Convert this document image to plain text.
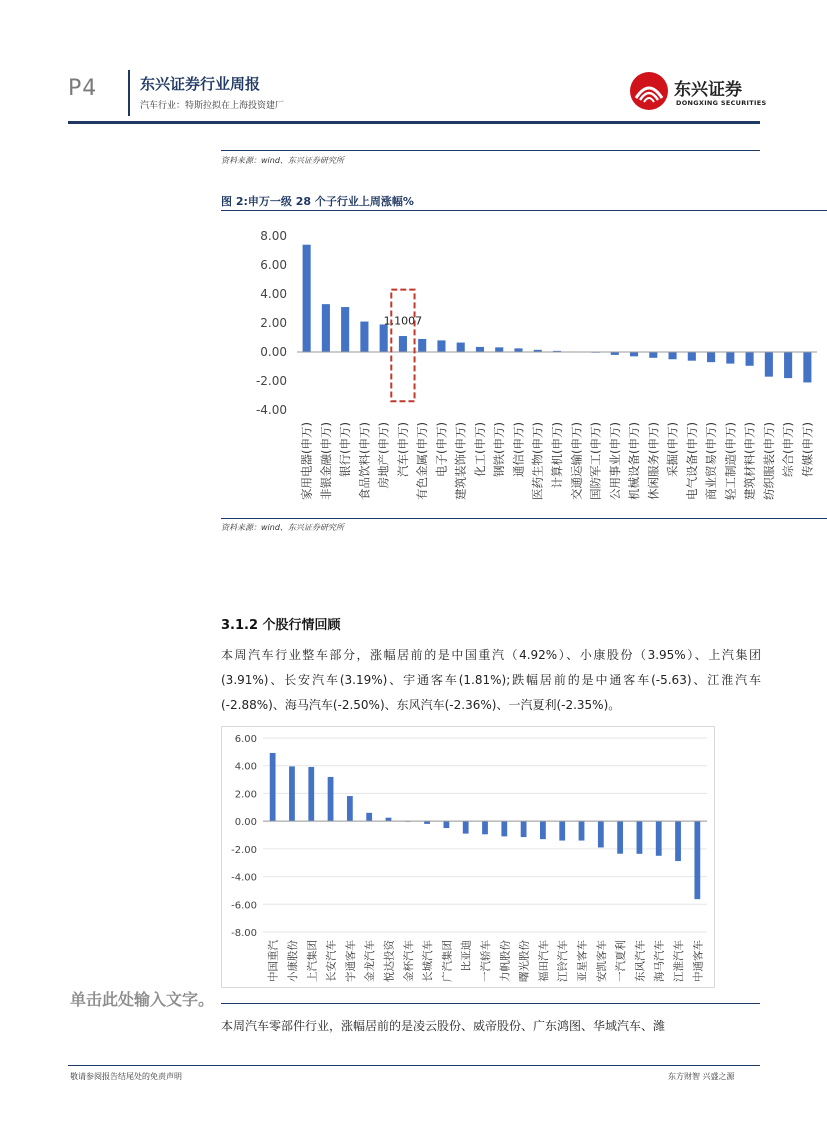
P4	东兴证券行业周报
汽车行业：特斯拉拟在上海投资建厂
东兴证券
DONGXING SECURITIES
资料来源：wind、东兴证券研究所
图 2:申万一级 28 个子行业上周涨幅%
8.00
6.00
4.00
2.00
0.00
-2.00
-4.00
家用电器(申万) 非银金融(申万) 银行(申万) 食品饮料(申万) 房地产(申万) 汽车(申万) 有色金属(申万) 电子(申万) 建筑装饰(申万) 化工(申万) 钢铁(申万) 通信(申万) 医药生物(申万) 计算机(申万) 交通运输(申万) 国防军工(申万) 公用事业(申万) 机械设备(申万) 休闲服务(申万) 采掘(申万) 电气设备(申万) 商业贸易(申万) 轻工制造(申万) 建筑材料(申万) 纺织服装(申万) 综合(申万) 传媒(申万)
1.1007
资料来源：wind、东兴证券研究所
3.1.2 个股行情回顾
本周汽车行业整车部分，涨幅居前的是中国重汽（4.92%）、小康股份（3.95%）、上汽集团(3.91%)、长安汽车(3.19%)、宇通客车(1.81%);跌幅居前的是中通客车(-5.63)、江淮汽车(-2.88%)、海马汽车(-2.50%)、东风汽车(-2.36%)、一汽夏利(-2.35%)。
6.00
4.00
2.00
0.00
-2.00
-4.00
-6.00
-8.00
中国重汽 小康股份 上汽集团 长安汽车 宇通客车 金龙汽车 悦达投资 金杯汽车 长城汽车 广汽集团 比亚迪 一汽轿车 力帆股份 曙光股份 福田汽车 江铃汽车 亚星客车 安凯客车 一汽夏利 东风汽车 海马汽车 江淮汽车 中通客车
单击此处输入文字。
本周汽车零部件行业，涨幅居前的是凌云股份、威帝股份、广东鸿图、华域汽车、潍
敬请参阅报告结尾处的免责声明	东方财智 兴盛之源
